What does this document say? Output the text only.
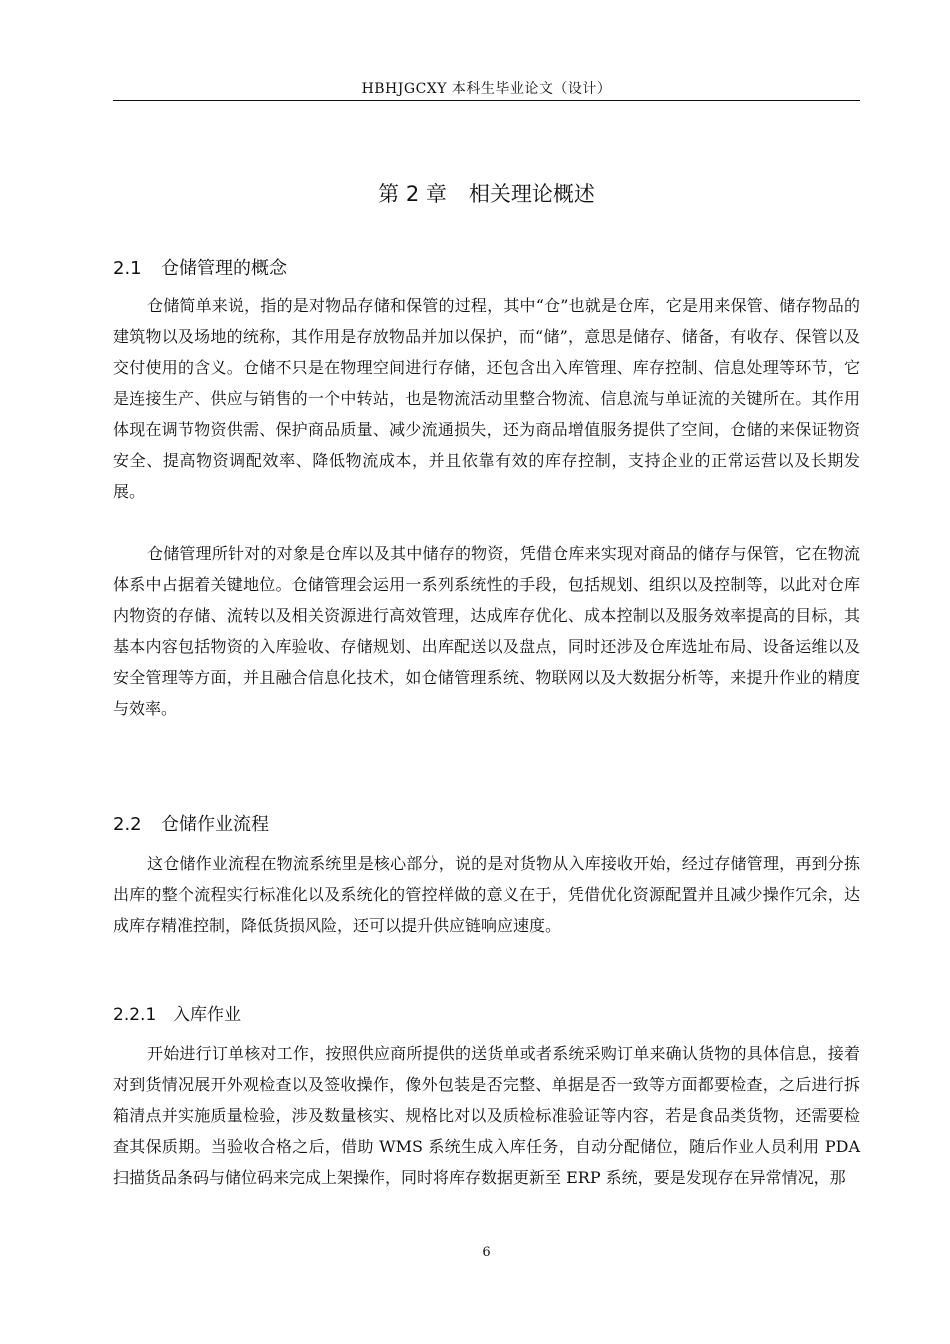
HBHJGCXY 本科生毕业论文（设计）
第 2 章 相关理论概述
2.1 仓储管理的概念

仓储简单来说，指的是对物品存储和保管的过程，其中“仓”也就是仓库，它是用来保管、储存物品的建筑物以及场地的统称，其作用是存放物品并加以保护，而“储”，意思是储存、储备，有收存、保管以及交付使用的含义。仓储不只是在物理空间进行存储，还包含出入库管理、库存控制、信息处理等环节，它是连接生产、供应与销售的一个中转站，也是物流活动里整合物流、信息流与单证流的关键所在。其作用体现在调节物资供需、保护商品质量、减少流通损失，还为商品增值服务提供了空间，仓储的来保证物资安全、提高物资调配效率、降低物流成本，并且依靠有效的库存控制，支持企业的正常运营以及长期发展。

仓储管理所针对的对象是仓库以及其中储存的物资，凭借仓库来实现对商品的储存与保管，它在物流体系中占据着关键地位。仓储管理会运用一系列系统性的手段，包括规划、组织以及控制等，以此对仓库内物资的存储、流转以及相关资源进行高效管理，达成库存优化、成本控制以及服务效率提高的目标，其基本内容包括物资的入库验收、存储规划、出库配送以及盘点，同时还涉及仓库选址布局、设备运维以及安全管理等方面，并且融合信息化技术，如仓储管理系统、物联网以及大数据分析等，来提升作业的精度与效率。

2.2 仓储作业流程

这仓储作业流程在物流系统里是核心部分，说的是对货物从入库接收开始，经过存储管理，再到分拣出库的整个流程实行标准化以及系统化的管控样做的意义在于，凭借优化资源配置并且减少操作冗余，达成库存精准控制，降低货损风险，还可以提升供应链响应速度。

2.2.1 入库作业

开始进行订单核对工作，按照供应商所提供的送货单或者系统采购订单来确认货物的具体信息，接着对到货情况展开外观检查以及签收操作，像外包装是否完整、单据是否一致等方面都要检查，之后进行拆箱清点并实施质量检验，涉及数量核实、规格比对以及质检标准验证等内容，若是食品类货物，还需要检查其保质期。当验收合格之后，借助 WMS 系统生成入库任务，自动分配储位，随后作业人员利用 PDA 扫描货品条码与储位码来完成上架操作，同时将库存数据更新至 ERP 系统，要是发现存在异常情况，那

6
